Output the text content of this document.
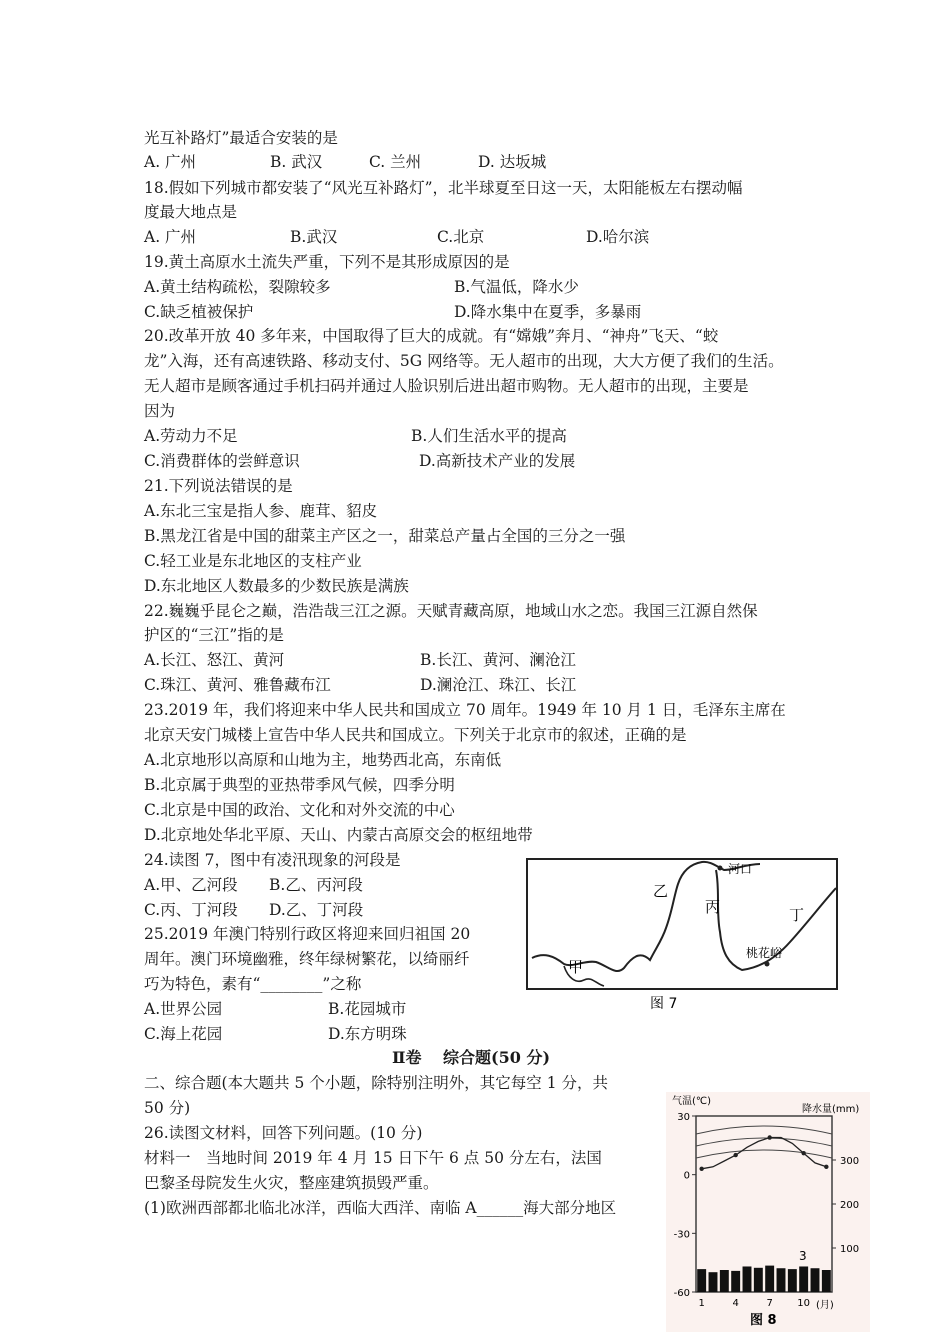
光互补路灯”最适合安装的是
A. 广州	B. 武汉	C. 兰州	D. 达坂城
18.假如下列城市都安装了“风光互补路灯”，北半球夏至日这一天，太阳能板左右摆动幅
度最大地点是
A. 广州	B.武汉	C.北京	D.哈尔滨
19.黄土高原水土流失严重，下列不是其形成原因的是
A.黄土结构疏松，裂隙较多	B.气温低，降水少
C.缺乏植被保护	D.降水集中在夏季，多暴雨
20.改革开放 40 多年来，中国取得了巨大的成就。有“嫦娥”奔月、“神舟”飞天、“蛟
龙”入海，还有高速铁路、移动支付、5G 网络等。无人超市的出现，大大方便了我们的生活。
无人超市是顾客通过手机扫码并通过人脸识别后进出超市购物。无人超市的出现，主要是
因为
A.劳动力不足	B.人们生活水平的提高
C.消费群体的尝鲜意识	D.高新技术产业的发展
21.下列说法错误的是
A.东北三宝是指人参、鹿茸、貂皮
B.黑龙江省是中国的甜菜主产区之一，甜菜总产量占全国的三分之一强
C.轻工业是东北地区的支柱产业
D.东北地区人数最多的少数民族是满族
22.巍巍乎昆仑之巅，浩浩哉三江之源。天赋青藏高原，地域山水之恋。我国三江源自然保
护区的“三江”指的是
A.长江、怒江、黄河	B.长江、黄河、澜沧江
C.珠江、黄河、雅鲁藏布江	D.澜沧江、珠江、长江
23.2019 年，我们将迎来中华人民共和国成立 70 周年。1949 年 10 月 1 日，毛泽东主席在
北京天安门城楼上宣告中华人民共和国成立。下列关于北京市的叙述，正确的是
A.北京地形以高原和山地为主，地势西北高，东南低
B.北京属于典型的亚热带季风气候，四季分明
C.北京是中国的政治、文化和对外交流的中心
D.北京地处华北平原、天山、内蒙古高原交会的枢纽地带
24.读图 7，图中有凌汛现象的河段是
A.甲、乙河段 B.乙、丙河段
C.丙、丁河段 D.乙、丁河段
25.2019 年澳门特别行政区将迎来回归祖国 20
周年。澳门环境幽雅，终年绿树繁花，以绮丽纤
巧为特色，素有“________”之称
A.世界公园	B.花园城市
C.海上花园	D.东方明珠
河口
乙
丙	丁
桃花峪
甲
图 7
Ⅱ卷　 综合题(50 分)
二、综合题(本大题共 5 个小题，除特别注明外，其它每空 1 分，共
50 分)
26.读图文材料，回答下列问题。(10 分)
材料一　当地时间 2019 年 4 月 15 日下午 6 点 50 分左右，法国
巴黎圣母院发生火灾，整座建筑损毁严重。
(1)欧洲西部都北临北冰洋，西临大西洋、南临 A______海大部分地区
气温(℃)
降水量(mm)
30
0
-30
-60
300
200
100
1	4	7 10
3
(月)
图 8
